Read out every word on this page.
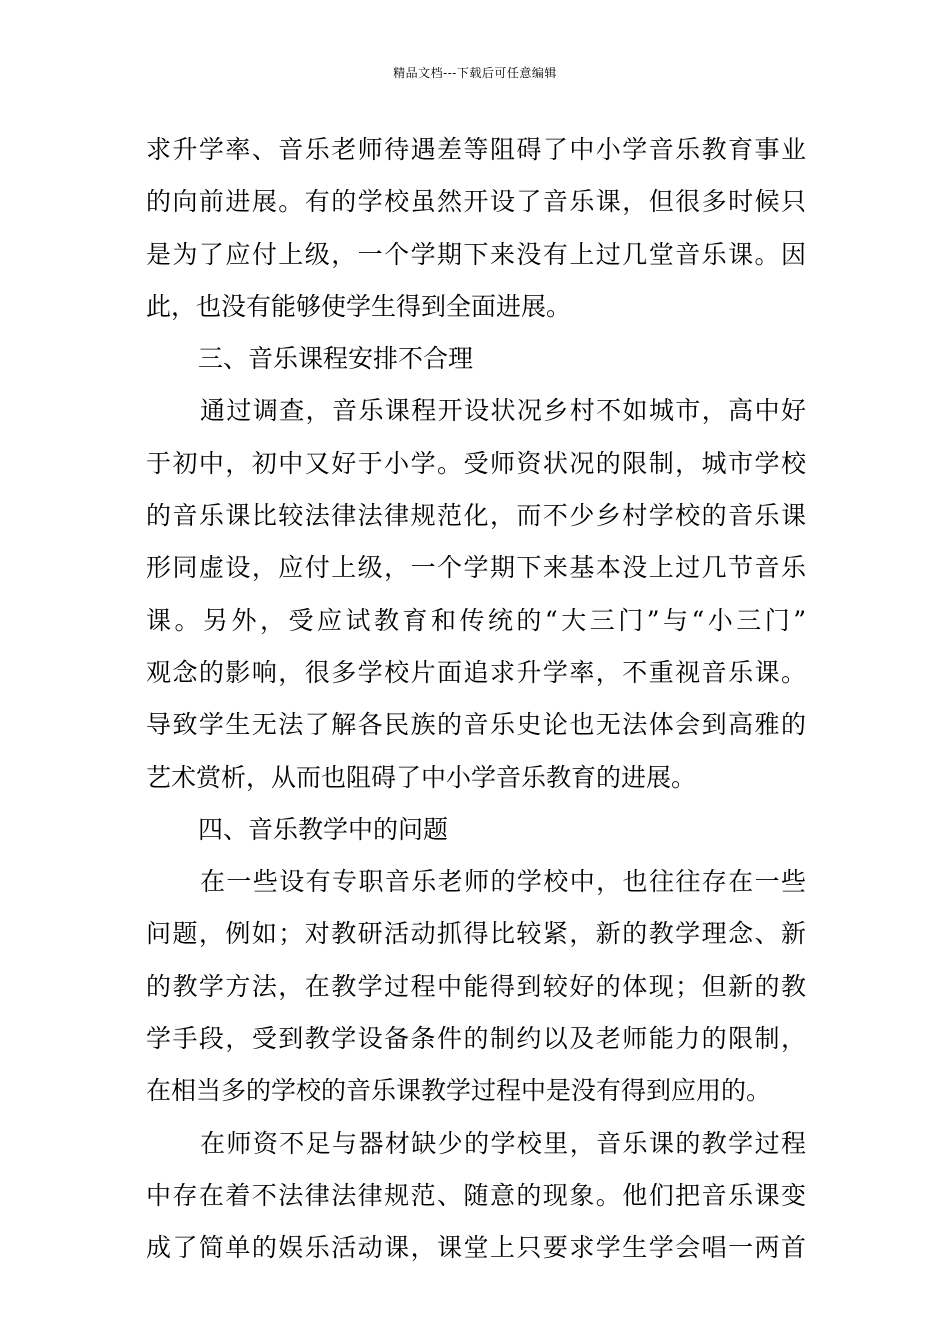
精品文档---下载后可任意编辑
求升学率、音乐老师待遇差等阻碍了中小学音乐教育事业
的向前进展。有的学校虽然开设了音乐课，但很多时候只
是为了应付上级，一个学期下来没有上过几堂音乐课。因
此，也没有能够使学生得到全面进展。
三、音乐课程安排不合理
通过调查，音乐课程开设状况乡村不如城市，高中好
于初中，初中又好于小学。受师资状况的限制，城市学校
的音乐课比较法律法律规范化，而不少乡村学校的音乐课
形同虚设，应付上级，一个学期下来基本没上过几节音乐
课。另外，受应试教育和传统的“大三门”与“小三门”
观念的影响，很多学校片面追求升学率，不重视音乐课。
导致学生无法了解各民族的音乐史论也无法体会到高雅的
艺术赏析，从而也阻碍了中小学音乐教育的进展。
四、音乐教学中的问题
在一些设有专职音乐老师的学校中，也往往存在一些
问题，例如；对教研活动抓得比较紧，新的教学理念、新
的教学方法，在教学过程中能得到较好的体现；但新的教
学手段，受到教学设备条件的制约以及老师能力的限制，
在相当多的学校的音乐课教学过程中是没有得到应用的。
在师资不足与器材缺少的学校里，音乐课的教学过程
中存在着不法律法律规范、随意的现象。他们把音乐课变
成了简单的娱乐活动课，课堂上只要求学生学会唱一两首
